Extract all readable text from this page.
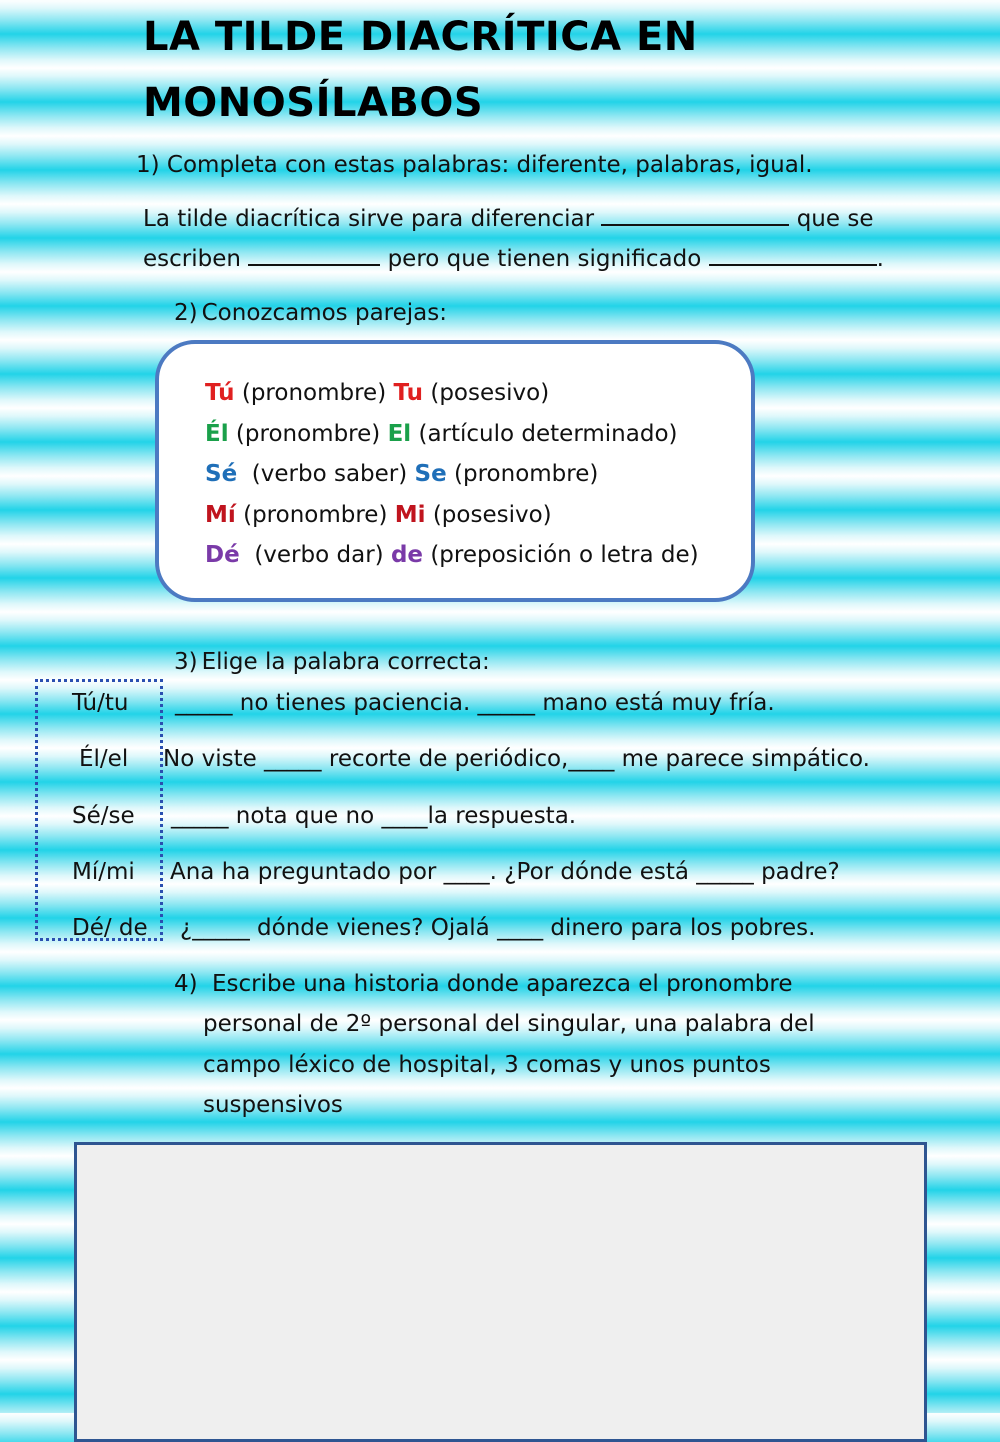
LA TILDE DIACRÍTICA EN
MONOSÍLABOS
1) Completa con estas palabras: diferente, palabras, igual.
La tilde diacrítica sirve para diferenciar	que se
escriben	pero que tienen significado	.
2) Conozcamos parejas:
Tú (pronombre) Tu (posesivo)
Él (pronombre) El (artículo determinado)
Sé  (verbo saber) Se (pronombre)
Mí (pronombre) Mi (posesivo)
Dé  (verbo dar) de (preposición o letra de)
3) Elige la palabra correcta:
Tú/tu _____ no tienes paciencia. _____ mano está muy fría.
Él/el No viste _____ recorte de periódico,____ me parece simpático.
Sé/se _____ nota que no ____la respuesta.
Mí/mi Ana ha preguntado por ____. ¿Por dónde está _____ padre?
Dé/ de ¿_____ dónde vienes? Ojalá ____ dinero para los pobres.
4) Escribe una historia donde aparezca el pronombre
personal de 2º personal del singular, una palabra del
campo léxico de hospital, 3 comas y unos puntos
suspensivos
